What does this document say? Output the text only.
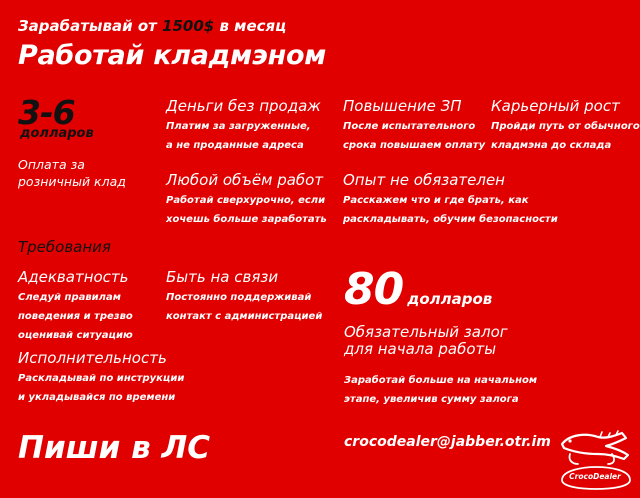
Зарабатывай от 1500$ в месяц
Работай кладмэном
3-6
долларов
Оплата за
розничный клад
Деньги без продаж
Платим за загруженные,
а не проданные адреса
Повышение ЗП
После испытательного
срока повышаем оплату
Карьерный рост
Пройди путь от обычного
кладмэна до склада
Любой объём работ
Работай сверхурочно, если
хочешь больше заработать
Опыт не обязателен
Расскажем что и где брать, как
раскладывать, обучим безопасности
Требования
Адекватность
Следуй правилам
поведения и трезво
оценивай ситуацию
Быть на связи
Постоянно поддерживай
контакт с администрацией
Исполнительность
Раскладывай по инструкции
и укладывайся по времени
80 долларов
Обязательный залог
для начала работы
Заработай больше на начальном
этапе, увеличив сумму залога
Пиши в ЛС	crocodealer@jabber.otr.im
CrocoDealer
